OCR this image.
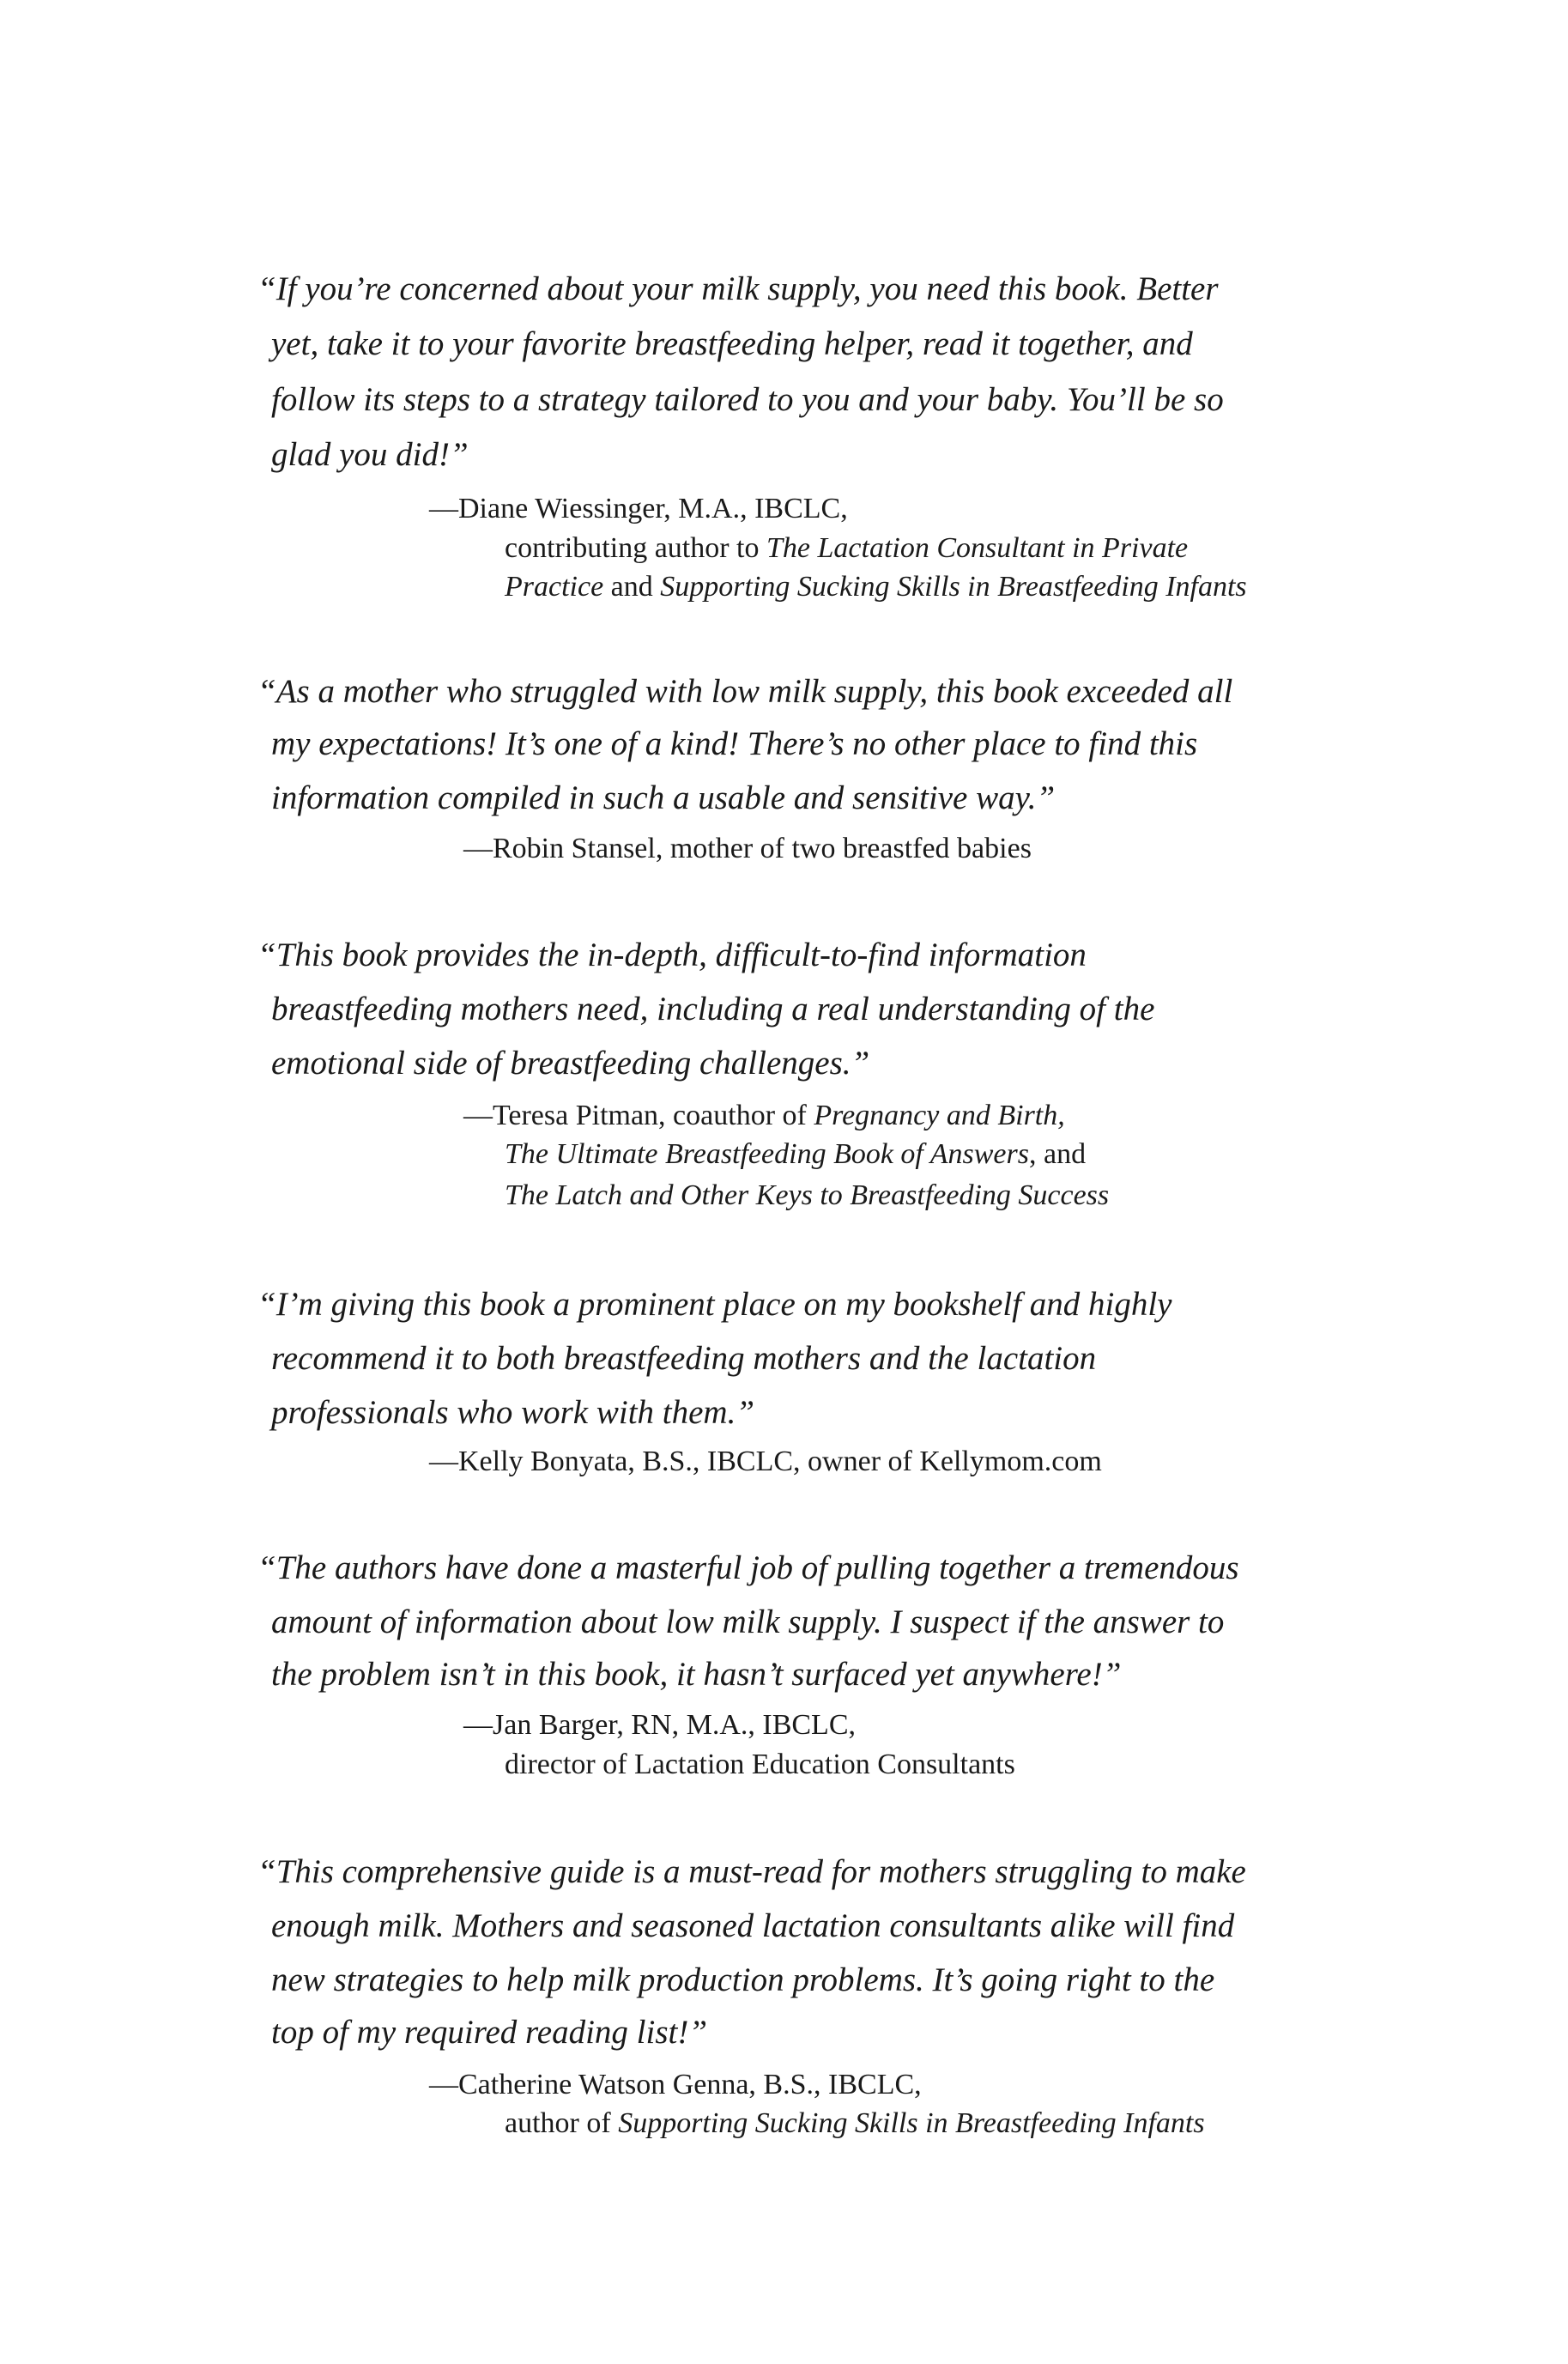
“If you’re concerned about your milk supply, you need this book. Better
yet, take it to your favorite breastfeeding helper, read it together, and
follow its steps to a strategy tailored to you and your baby. You’ll be so
glad you did!”
—Diane Wiessinger, M.A., IBCLC,
contributing author to The Lactation Consultant in Private
Practice and Supporting Sucking Skills in Breastfeeding Infants
“As a mother who struggled with low milk supply, this book exceeded all
my expectations! It’s one of a kind! There’s no other place to find this
information compiled in such a usable and sensitive way.”
—Robin Stansel, mother of two breastfed babies
“This book provides the in-depth, difficult-to-find information
breastfeeding mothers need, including a real understanding of the
emotional side of breastfeeding challenges.”
—Teresa Pitman, coauthor of Pregnancy and Birth,
The Ultimate Breastfeeding Book of Answers, and
The Latch and Other Keys to Breastfeeding Success
“I’m giving this book a prominent place on my bookshelf and highly
recommend it to both breastfeeding mothers and the lactation
professionals who work with them.”
—Kelly Bonyata, B.S., IBCLC, owner of Kellymom.com
“The authors have done a masterful job of pulling together a tremendous
amount of information about low milk supply. I suspect if the answer to
the problem isn’t in this book, it hasn’t surfaced yet anywhere!”
—Jan Barger, RN, M.A., IBCLC,
director of Lactation Education Consultants
“This comprehensive guide is a must-read for mothers struggling to make
enough milk. Mothers and seasoned lactation consultants alike will find
new strategies to help milk production problems. It’s going right to the
top of my required reading list!”
—Catherine Watson Genna, B.S., IBCLC,
author of Supporting Sucking Skills in Breastfeeding Infants
